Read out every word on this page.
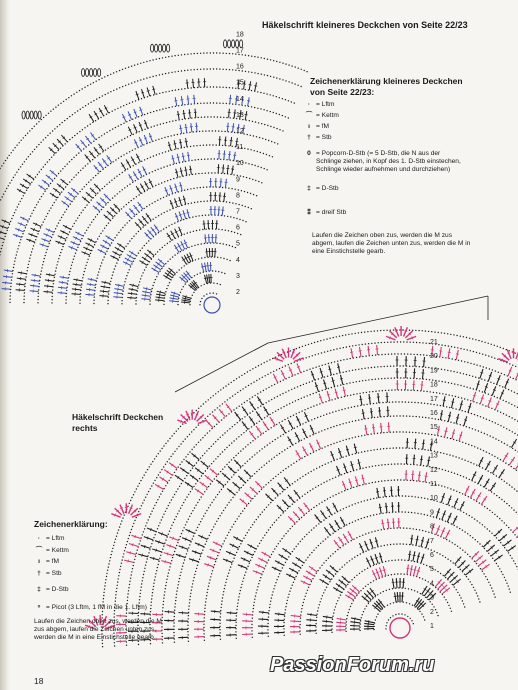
2
3
4
5
6
7
8
9
10
11
12
13
14
15
16
17
18
1
2
3
4
5
6
7
8
9
10
11
12
13
14
15
16
17
18
19
20
21
Häkelschrift kleineres Deckchen von Seite 22/23
Zeichenerklärung kleineres Deckchen von Seite 22/23:
· = Lftm
⌒ = Kettm
ı = fM
† = Stb
0 = Popcorn-D-Stb (= 5 D-Stb, die N aus der Schlinge ziehen, in Kopf des 1. D-Stb einstechen, Schlinge wieder aufnehmen und durchziehen)
‡ = D-Stb
⁑ = dreif Stb
Laufen die Zeichen oben zus, werden die M zus abgem, laufen die Zeichen unten zus, werden die M in eine Einstichstelle gearb.
Häkelschrift Deckchen rechts
Zeichenerklärung:
· = Lftm
⌒ = Kettm
ı = fM
† = Stb
‡ = D-Stb
ᵒ = Picot (3 Lftm, 1 fM in die 1. Lftm)
Laufen die Zeichen oben zus, werden die M zus abgem, laufen die Zeichen unten zus, werden die M in eine Einstichstelle gearb.
18
PassionForum.ru
